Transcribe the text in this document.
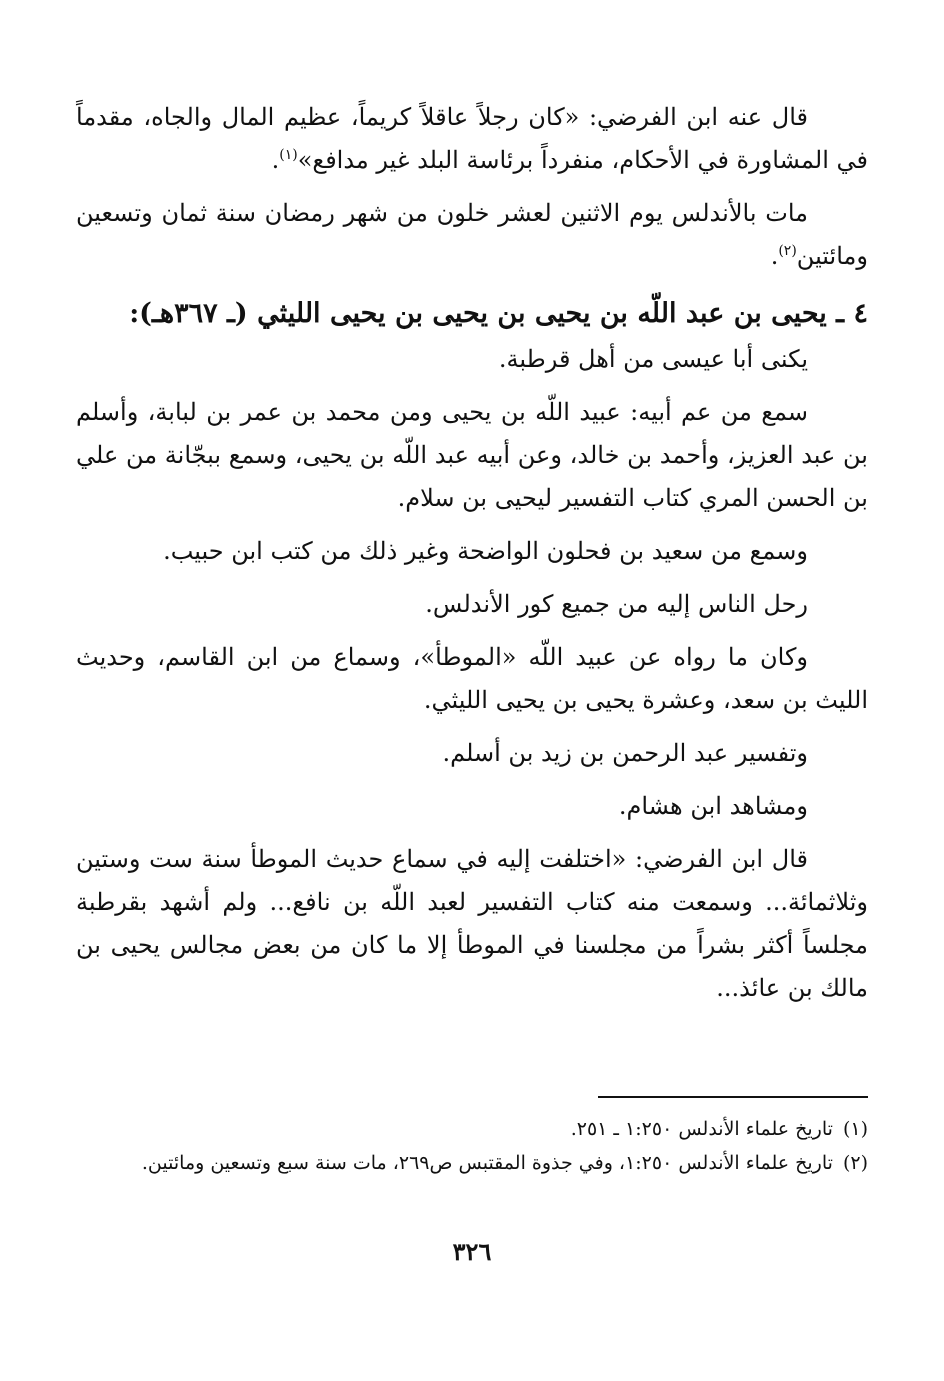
قال عنه ابن الفرضي: «كان رجلاً عاقلاً كريماً، عظيم المال والجاه، مقدماً في المشاورة في الأحكام، منفرداً برئاسة البلد غير مدافع»$^{(١)}$.

مات بالأندلس يوم الاثنين لعشر خلون من شهر رمضان سنة ثمان وتسعين ومائتين$^{(٢)}$.

٤ ـ يحيى بن عبد اللّه بن يحيى بن يحيى بن يحيى الليثي (ـ ٣٦٧هـ):

يكنى أبا عيسى من أهل قرطبة.

سمع من عم أبيه: عبيد اللّه بن يحيى ومن محمد بن عمر بن لبابة، وأسلم بن عبد العزيز، وأحمد بن خالد، وعن أبيه عبد اللّه بن يحيى، وسمع ببجّانة من علي بن الحسن المري كتاب التفسير ليحيى بن سلام.

وسمع من سعيد بن فحلون الواضحة وغير ذلك من كتب ابن حبيب.

رحل الناس إليه من جميع كور الأندلس.

وكان ما رواه عن عبيد اللّه «الموطأ»، وسماع من ابن القاسم، وحديث الليث بن سعد، وعشرة يحيى بن يحيى الليثي.

وتفسير عبد الرحمن بن زيد بن أسلم.

ومشاهد ابن هشام.

قال ابن الفرضي: «اختلفت إليه في سماع حديث الموطأ سنة ست وستين وثلاثمائة... وسمعت منه كتاب التفسير لعبد اللّه بن نافع... ولم أشهد بقرطبة مجلساً أكثر بشراً من مجلسنا في الموطأ إلا ما كان من بعض مجالس يحيى بن مالك بن عائذ...

(١)تاريخ علماء الأندلس ١:٢٥٠ ـ ٢٥١.

(٢)تاريخ علماء الأندلس ١:٢٥٠، وفي جذوة المقتبس ص٢٦٩، مات سنة سبع وتسعين ومائتين.

٣٢٦
